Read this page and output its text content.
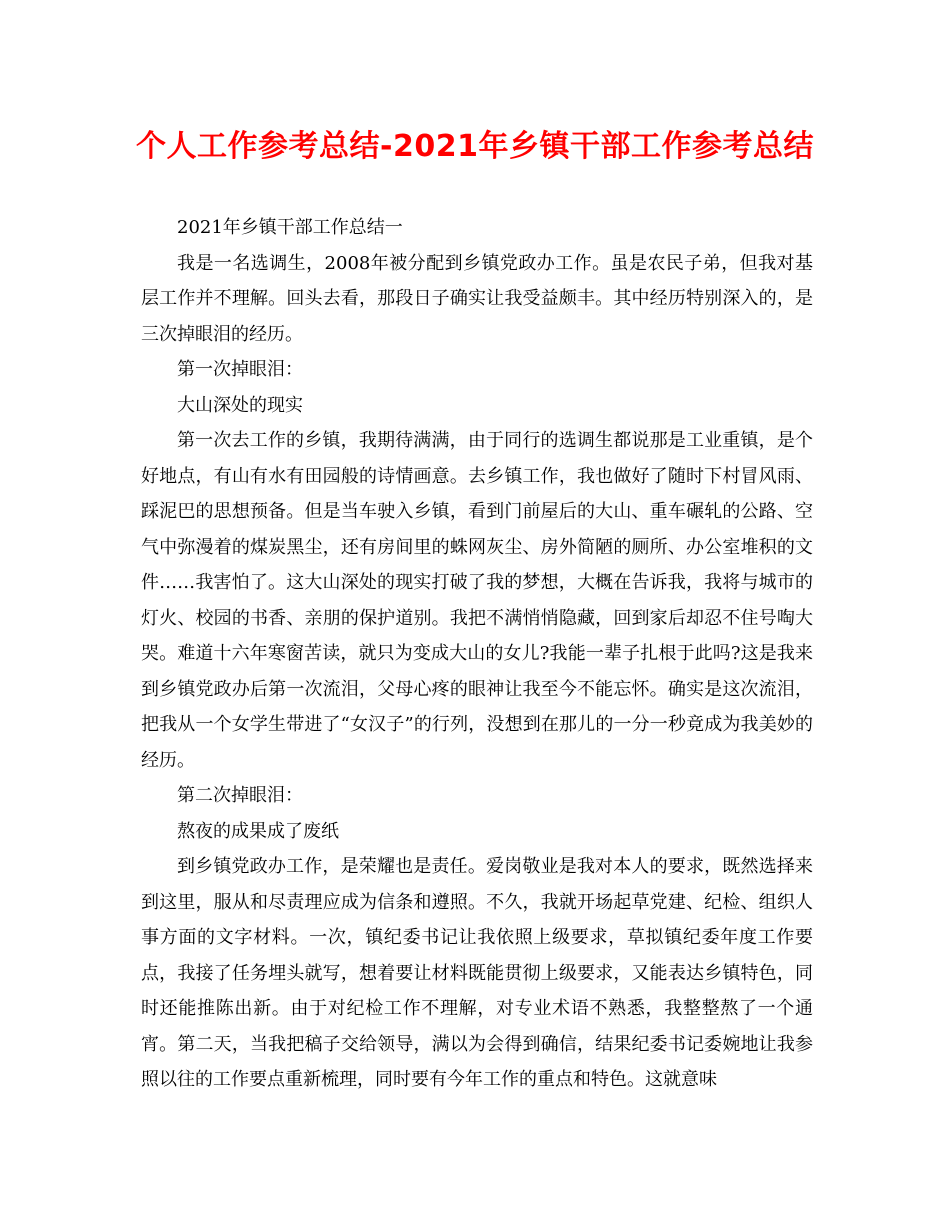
个人工作参考总结-2021年乡镇干部工作参考总结

2021年乡镇干部工作总结一

我是一名选调生，2008年被分配到乡镇党政办工作。虽是农民子弟，但我对基层工作并不理解。回头去看，那段日子确实让我受益颇丰。其中经历特别深入的，是三次掉眼泪的经历。

第一次掉眼泪：

大山深处的现实

第一次去工作的乡镇，我期待满满，由于同行的选调生都说那是工业重镇，是个好地点，有山有水有田园般的诗情画意。去乡镇工作，我也做好了随时下村冒风雨、踩泥巴的思想预备。但是当车驶入乡镇，看到门前屋后的大山、重车碾轧的公路、空气中弥漫着的煤炭黑尘，还有房间里的蛛网灰尘、房外简陋的厕所、办公室堆积的文件……我害怕了。这大山深处的现实打破了我的梦想，大概在告诉我，我将与城市的灯火、校园的书香、亲朋的保护道别。我把不满悄悄隐藏，回到家后却忍不住号啕大哭。难道十六年寒窗苦读，就只为变成大山的女儿?我能一辈子扎根于此吗?这是我来到乡镇党政办后第一次流泪，父母心疼的眼神让我至今不能忘怀。确实是这次流泪，把我从一个女学生带进了“女汉子”的行列，没想到在那儿的一分一秒竟成为我美妙的经历。

第二次掉眼泪：

熬夜的成果成了废纸

到乡镇党政办工作，是荣耀也是责任。爱岗敬业是我对本人的要求，既然选择来到这里，服从和尽责理应成为信条和遵照。不久，我就开场起草党建、纪检、组织人事方面的文字材料。一次，镇纪委书记让我依照上级要求，草拟镇纪委年度工作要点，我接了任务埋头就写，想着要让材料既能贯彻上级要求，又能表达乡镇特色，同时还能推陈出新。由于对纪检工作不理解，对专业术语不熟悉，我整整熬了一个通宵。第二天，当我把稿子交给领导，满以为会得到确信，结果纪委书记委婉地让我参照以往的工作要点重新梳理，同时要有今年工作的重点和特色。这就意味
